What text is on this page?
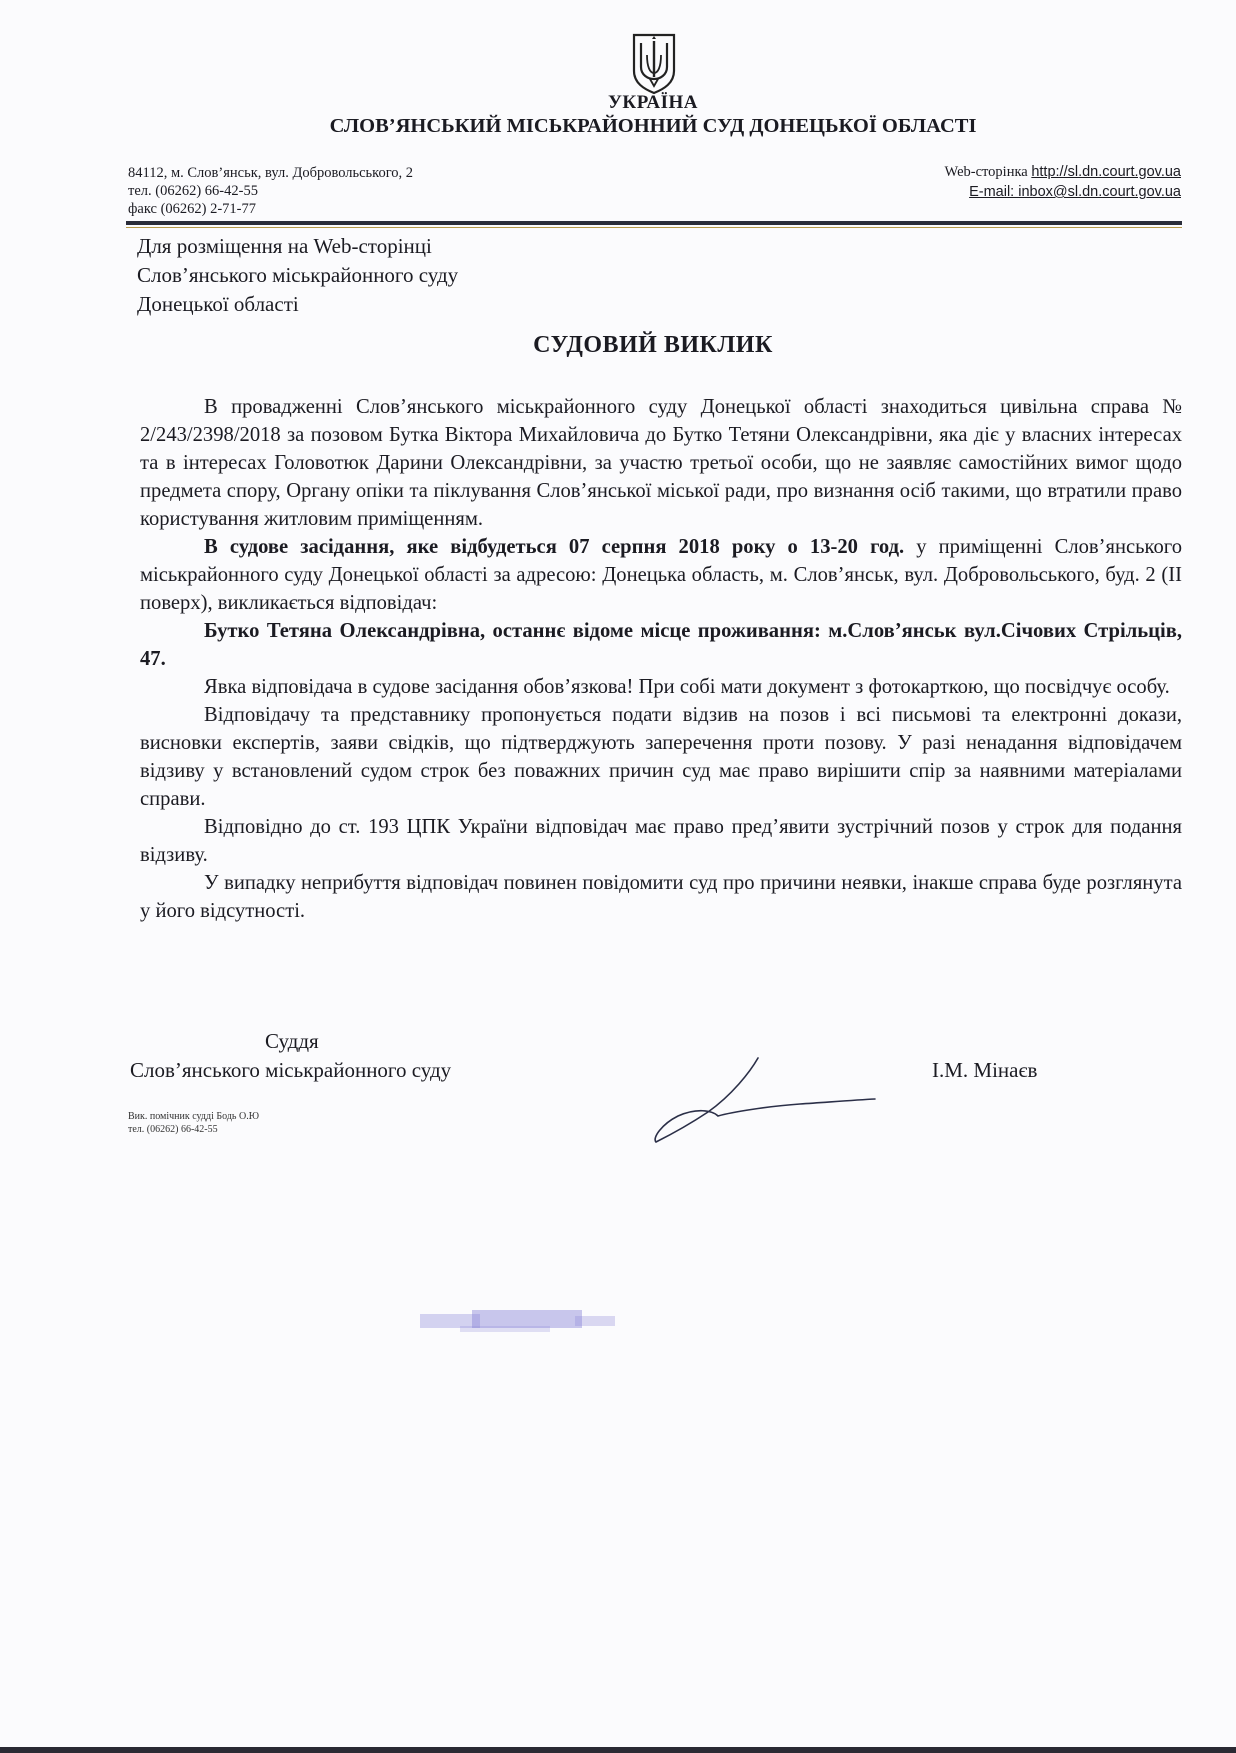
УКРАЇНА
СЛОВ’ЯНСЬКИЙ МІСЬКРАЙОННИЙ СУД ДОНЕЦЬКОЇ ОБЛАСТІ
84112, м. Слов’янськ, вул. Добровольського, 2
тел. (06262) 66-42-55
факс (06262) 2-71-77
Web-сторінка http://sl.dn.court.gov.ua
E-mail: inbox@sl.dn.court.gov.ua
Для розміщення на Web-сторінці
Слов’янського міськрайонного суду
Донецької області
СУДОВИЙ ВИКЛИК

В провадженні Слов’янського міськрайонного суду Донецької області знаходиться цивільна справа № 2/243/2398/2018 за позовом Бутка Віктора Михайловича до Бутко Тетяни Олександрівни, яка діє у власних інтересах та в інтересах Головотюк Дарини Олександрівни, за участю третьої особи, що не заявляє самостійних вимог щодо предмета спору, Органу опіки та піклування Слов’янської міської ради, про визнання осіб такими, що втратили право користування житловим приміщенням.

В судове засідання, яке відбудеться 07 серпня 2018 року о 13-20 год. у приміщенні Слов’янського міськрайонного суду Донецької області за адресою: Донецька область, м. Слов’янськ, вул. Добровольського, буд. 2 (ІІ поверх), викликається відповідач:

Бутко Тетяна Олександрівна, останнє відоме місце проживання: м.Слов’янськ вул.Січових Стрільців, 47.

Явка відповідача в судове засідання обов’язкова! При собі мати документ з фотокарткою, що посвідчує особу.

Відповідачу та представнику пропонується подати відзив на позов і всі письмові та електронні докази, висновки експертів, заяви свідків, що підтверджують заперечення проти позову. У разі ненадання відповідачем відзиву у встановлений судом строк без поважних причин суд має право вирішити спір за наявними матеріалами справи.

Відповідно до ст. 193 ЦПК України відповідач має право пред’явити зустрічний позов у строк для подання відзиву.

У випадку неприбуття відповідач повинен повідомити суд про причини неявки, інакше справа буде розглянута у його відсутності.

Суддя
Слов’янського міськрайонного суду	І.М. Мінаєв
Вик. помічник судді Бодь О.Ю
тел. (06262) 66-42-55
